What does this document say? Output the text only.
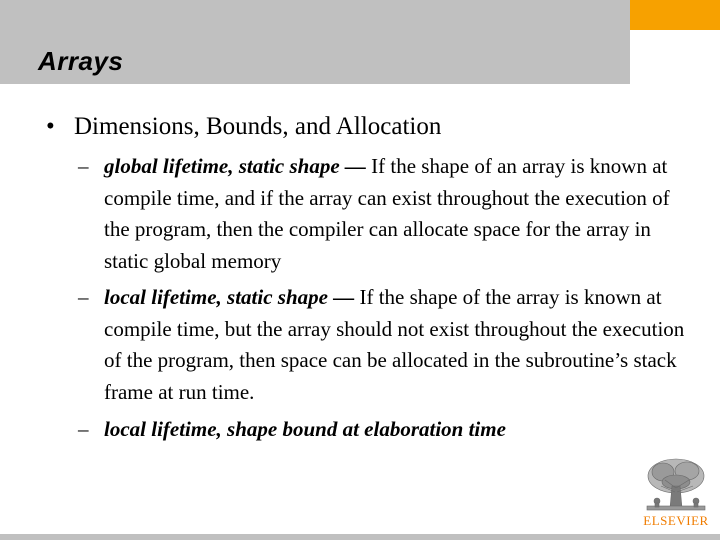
Arrays
• Dimensions, Bounds, and Allocation
– global lifetime, static shape — If the shape of an array is known at compile time, and if the array can exist throughout the execution of the program, then the compiler can allocate space for the array in static global memory
– local lifetime, static shape — If the shape of the array is known at compile time, but the array should not exist throughout the execution of the program, then space can be allocated in the subroutine’s stack frame at run time.
– local lifetime, shape bound at elaboration time
ELSEVIER
